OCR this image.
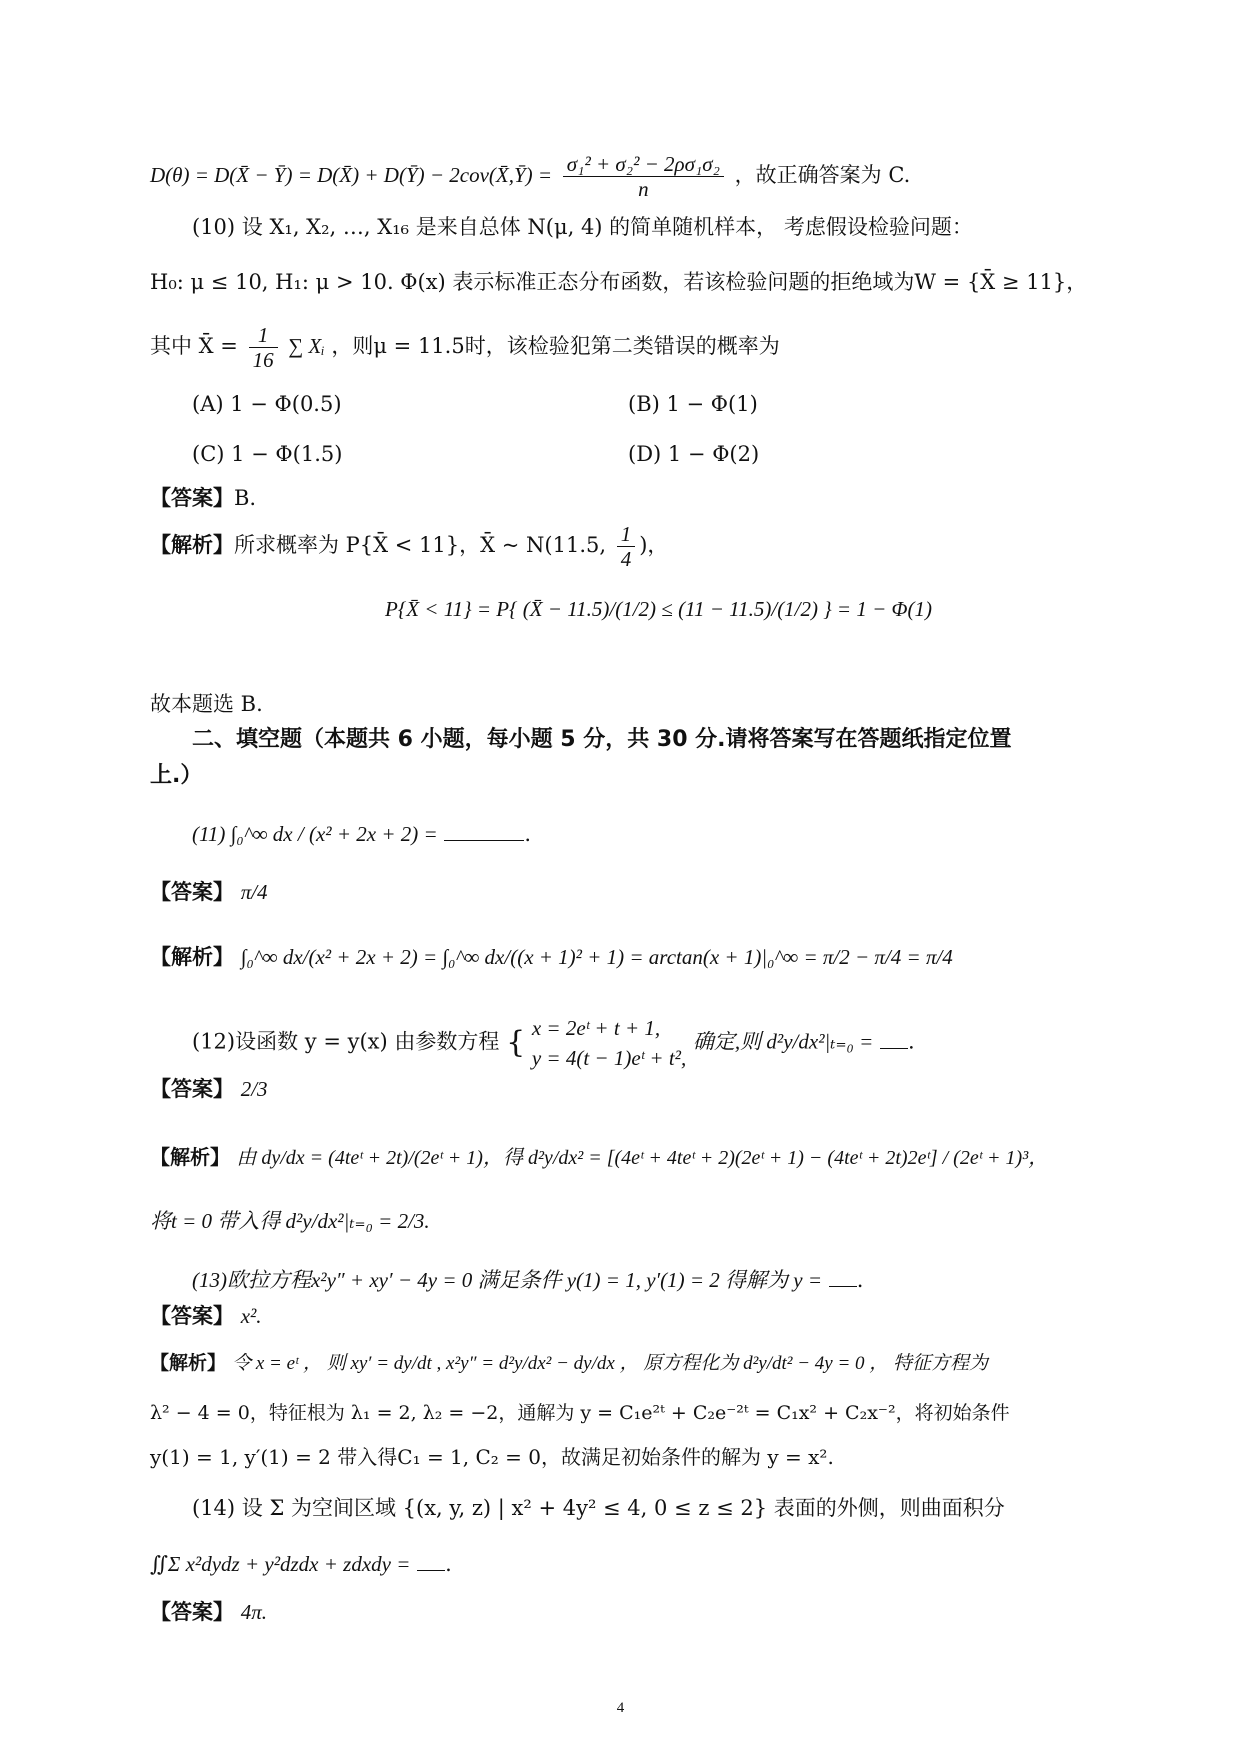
D(θ) = D(X̄ − Ȳ) = D(X̄) + D(Ȳ) − 2cov(X̄,Ȳ) = $\frac{\text{σ₁² + σ₂² − 2ρσ₁σ₂}}{n}$ ，故正确答案为 C.
(10) 设 X₁, X₂, …, X₁₆ 是来自总体 N(μ, 4) 的简单随机样本， 考虑假设检验问题：
H₀: μ ≤ 10, H₁: μ > 10. Φ(x) 表示标准正态分布函数，若该检验问题的拒绝域为W = {X̄ ≥ 11}，
其中 X̄ = $\frac{1}{16}$ ∑ Xᵢ ，则μ = 11.5时，该检验犯第二类错误的概率为
(A) 1 − Φ(0.5)	(B) 1 − Φ(1)
(C) 1 − Φ(1.5)	(D) 1 − Φ(2)
【答案】B.
【解析】所求概率为 P{X̄ < 11}，X̄ ~ N(11.5, $\frac{1}{4}$ )，
P{X̄ < 11} = P{ (X̄ − 11.5)/(1/2) ≤ (11 − 11.5)/(1/2) } = 1 − Φ(1)
故本题选 B.
二、填空题（本题共 6 小题，每小题 5 分，共 30 分.请将答案写在答题纸指定位置
上.）
(11) ∫₀^∞ dx / (x² + 2x + 2) =	.
【答案】 π/4
【解析】 ∫₀^∞ dx/(x² + 2x + 2) = ∫₀^∞ dx/((x + 1)² + 1) = arctan(x + 1)|₀^∞ = π/2 − π/4 = π/4
(12)设函数 y = y(x) 由参数方程 { x = 2eᵗ + t + 1,
y = 4(t − 1)eᵗ + t²,
确定,则 d²y/dx²|ₜ₌₀ = .
【答案】 2/3
【解析】 由 dy/dx = (4teᵗ + 2t)/(2eᵗ + 1)，得 d²y/dx² = [(4eᵗ + 4teᵗ + 2)(2eᵗ + 1) − (4teᵗ + 2t)2eᵗ] / (2eᵗ + 1)³，
将t = 0 带入得 d²y/dx²|ₜ₌₀ = 2/3.
(13)欧拉方程x²y″ + xy′ − 4y = 0 满足条件 y(1) = 1, y′(1) = 2 得解为 y = .
【答案】 x².
【解析】 令 x = eᵗ ， 则 xy′ = dy/dt , x²y″ = d²y/dx² − dy/dx ， 原方程化为 d²y/dt² − 4y = 0 ， 特征方程为
λ² − 4 = 0，特征根为 λ₁ = 2, λ₂ = −2，通解为 y = C₁e²ᵗ + C₂e⁻²ᵗ = C₁x² + C₂x⁻²，将初始条件
y(1) = 1, y′(1) = 2 带入得C₁ = 1, C₂ = 0，故满足初始条件的解为 y = x².
(14) 设 Σ 为空间区域 {(x, y, z) | x² + 4y² ≤ 4, 0 ≤ z ≤ 2} 表面的外侧，则曲面积分
∬Σ x²dydz + y²dzdx + zdxdy = .
【答案】 4π.
4
